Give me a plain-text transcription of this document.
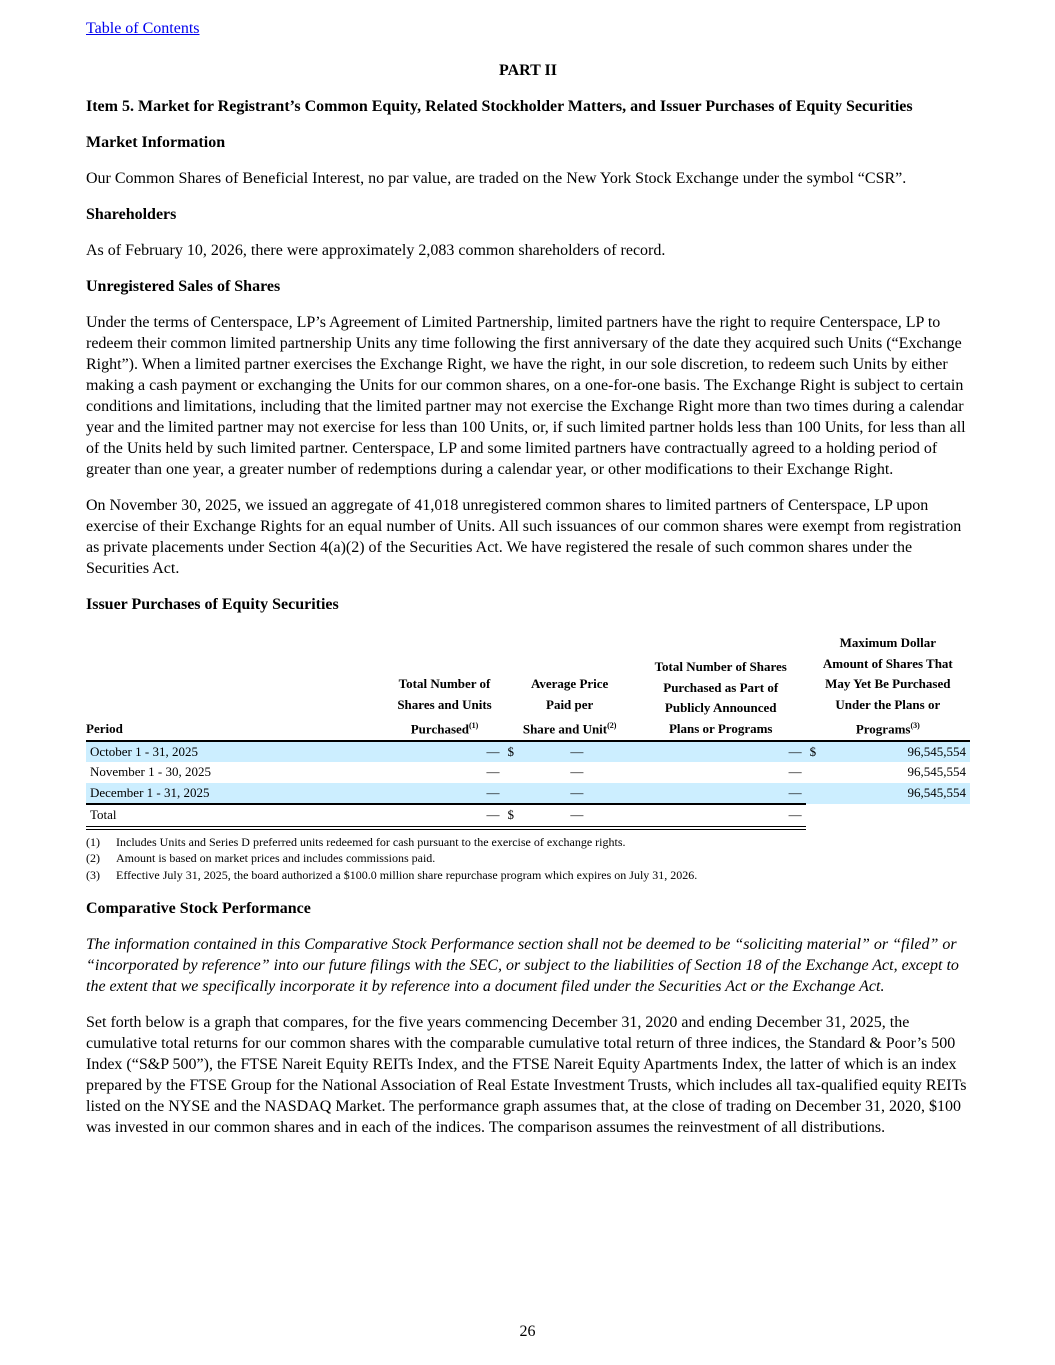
Table of Contents
PART II
Item 5. Market for Registrant’s Common Equity, Related Stockholder Matters, and Issuer Purchases of Equity Securities
Market Information

Our Common Shares of Beneficial Interest, no par value, are traded on the New York Stock Exchange under the symbol “CSR”.

Shareholders

As of February 10, 2026, there were approximately 2,083 common shareholders of record.

Unregistered Sales of Shares

Under the terms of Centerspace, LP’s Agreement of Limited Partnership, limited partners have the right to require Centerspace, LP to redeem their common limited partnership Units any time following the first anniversary of the date they acquired such Units (“Exchange Right”). When a limited partner exercises the Exchange Right, we have the right, in our sole discretion, to redeem such Units by either making a cash payment or exchanging the Units for our common shares, on a one-for-one basis. The Exchange Right is subject to certain conditions and limitations, including that the limited partner may not exercise the Exchange Right more than two times during a calendar year and the limited partner may not exercise for less than 100 Units, or, if such limited partner holds less than 100 Units, for less than all of the Units held by such limited partner. Centerspace, LP and some limited partners have contractually agreed to a holding period of greater than one year, a greater number of redemptions during a calendar year, or other modifications to their Exchange Right.

On November 30, 2025, we issued an aggregate of 41,018 unregistered common shares to limited partners of Centerspace, LP upon exercise of their Exchange Rights for an equal number of Units. All such issuances of our common shares were exempt from registration as private placements under Section 4(a)(2) of the Securities Act. We have registered the resale of such common shares under the Securities Act.

Issuer Purchases of Equity Securities
Period	Total Number of
Shares and Units
Purchased$^{(1)}$	Average Price
Paid per
Share and Unit$^{(2)}$		Total Number of Shares
Purchased as Part of
Publicly Announced
Plans or Programs	Maximum Dollar
Amount of Shares That
May Yet Be Purchased
Under the Plans or
Programs$^{(3)}$
October 1 - 31, 2025	—	$	—	—	$	96,545,554
November 1 - 30, 2025	—		—	—		96,545,554
December 1 - 31, 2025	—		—	—		96,545,554
Total	—	$	—	—		
(1)	Includes Units and Series D preferred units redeemed for cash pursuant to the exercise of exchange rights.
(2)	Amount is based on market prices and includes commissions paid.
(3)	Effective July 31, 2025, the board authorized a $100.0 million share repurchase program which expires on July 31, 2026.
Comparative Stock Performance

The information contained in this Comparative Stock Performance section shall not be deemed to be “soliciting material” or “filed” or “incorporated by reference” into our future filings with the SEC, or subject to the liabilities of Section 18 of the Exchange Act, except to the extent that we specifically incorporate it by reference into a document filed under the Securities Act or the Exchange Act.

Set forth below is a graph that compares, for the five years commencing December 31, 2020 and ending December 31, 2025, the cumulative total returns for our common shares with the comparable cumulative total return of three indices, the Standard & Poor’s 500 Index (“S&P 500”), the FTSE Nareit Equity REITs Index, and the FTSE Nareit Equity Apartments Index, the latter of which is an index prepared by the FTSE Group for the National Association of Real Estate Investment Trusts, which includes all tax-qualified equity REITs listed on the NYSE and the NASDAQ Market. The performance graph assumes that, at the close of trading on December 31, 2020, $100 was invested in our common shares and in each of the indices. The comparison assumes the reinvestment of all distributions.

26
